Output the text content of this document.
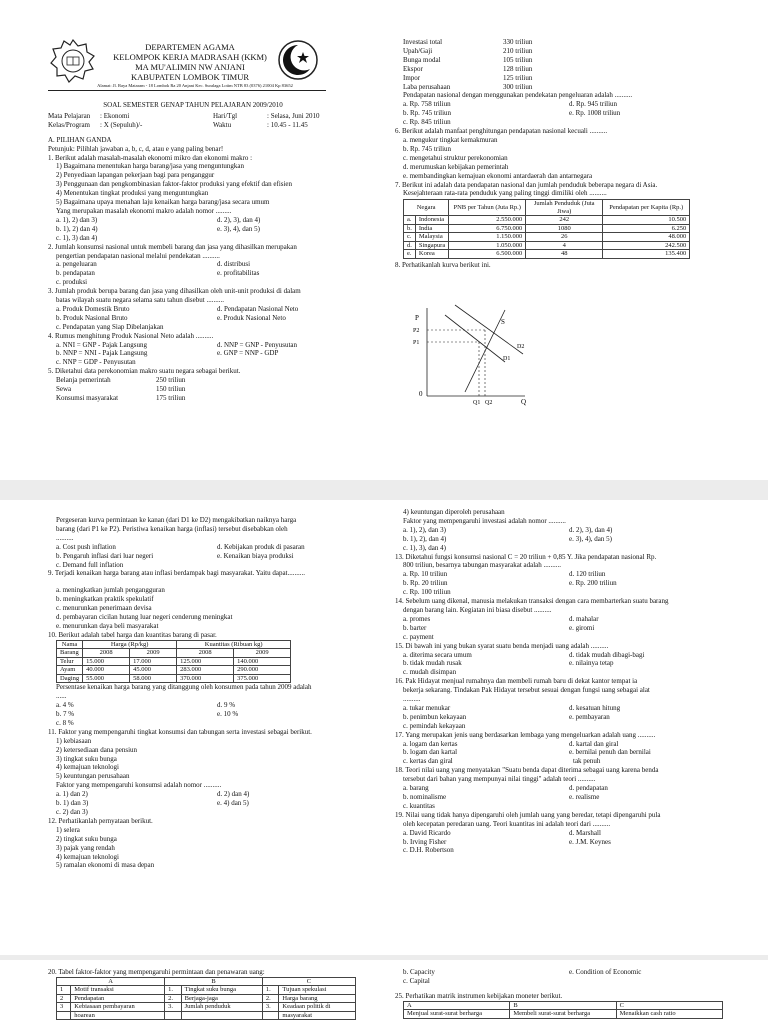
DEPARTEMEN AGAMA
KELOMPOK KERJA MADRASAH (KKM)
MA MU'ALIMIN NW ANJANI
KABUPATEN LOMBOK TIMUR
Alamat: Jl. Raya Mataram - 18 Lombok Ra 20 Anjani Kec. Suralaga Lotim NTB 83 (0376) 21004 Kp 83652
SOAL SEMESTER GENAP TAHUN PELAJARAN 2009/2010
Mata Pelajaran : Ekonomi	Hari/Tgl	: Selasa, Juni 2010
Kelas/Program : X (Sepuluh)/-	Waktu	: 10.45 - 11.45
A. PILIHAN GANDA
Petunjuk: Pilihlah jawaban a, b, c, d, atau e yang paling benar!
1. Berikut adalah masalah-masalah ekonomi mikro dan ekonomi makro :
1) Bagaimana menentukan harga barang/jasa yang menguntungkan
2) Penyediaan lapangan pekerjaan bagi para penganggur
3) Penggunaan dan pengkombinasian faktor-faktor produksi yang efektif dan efisien
4) Menentukan tingkat produksi yang menguntungkan
5) Bagaimana upaya menahan laju kenaikan harga barang/jasa secara umum
Yang merupakan masalah ekonomi makro adalah nomor .........
a. 1), 2) dan 3)	d. 2), 3), dan 4)
b. 1), 2) dan 4)	e. 3), 4), dan 5)
c. 1), 3) dan 4)
2. Jumlah konsumsi nasional untuk membeli barang dan jasa yang dihasilkan merupakan
pengertian pendapatan nasional melalui pendekatan ..........
a. pengeluaran	d. distribusi
b. pendapatan	e. profitabilitas
c. produksi
3. Jumlah produk berupa barang dan jasa yang dihasilkan oleh unit-unit produksi di dalam
batas wilayah suatu negara selama satu tahun disebut ..........
a. Produk Domestik Bruto	d. Pendapatan Nasional Neto
b. Produk Nasional Bruto	e. Produk Nasional Neto
c. Pendapatan yang Siap Dibelanjakan
4. Rumus menghitung Produk Nasional Neto adalah ..........
a. NNI = GNP - Pajak Langsung	d. NNP = GNP - Penyusutan
b. NNP = NNI - Pajak Langsung	e. GNP = NNP - GDP
c. NNP = GDP - Penyusutan
5. Diketahui data perekonomian makro suatu negara sebagai berikut.
Belanja pemerintah	250 triliun
Sewa	150 triliun
Konsumsi masyarakat	175 triliun
Investasi total	330 triliun
Upah/Gaji	210 triliun
Bunga modal	105 triliun
Ekspor	128 triliun
Impor	125 triliun
Laba perusahaan	300 triliun
Pendapatan nasional dengan menggunakan pendekatan pengeluaran adalah ..........
a. Rp. 758 triliun	d. Rp. 945 triliun
b. Rp. 745 triliun	e. Rp. 1008 triliun
c. Rp. 845 triliun
6. Berikut adalah manfaat penghitungan pendapatan nasional kecuali ..........
a. mengukur tingkat kemakmuran
b. Rp. 745 triliun
c. mengetahui struktur perekonomian
d. merumuskan kebijakan pemerintah
e. membandingkan kemajuan ekonomi antardaerah dan antarnegara
7. Berikut ini adalah data pendapatan nasional dan jumlah penduduk beberapa negara di Asia.
Kesejahteraan rata-rata penduduk yang paling tinggi dimiliki oleh ..........
Negara		PNB per Tahun (Juta Rp.)	Jumlah Penduduk (Juta Jiwa)	Pendapatan per Kapita (Rp.)
a.	Indonesia	2.550.000	242	10.500
b.	India	6.750.000	1080	6.250
c.	Malaysia	1.150.000	26	48.000
d.	Singapura	1.050.000	4	242.500
e.	Korea	6.500.000	48	135.400
8. Perhatikanlah kurva berikut ini.
P
P2
P1
S
D1
D2
0
Q1 Q2	Q
Pergeseran kurva permintaan ke kanan (dari D1 ke D2) mengakibatkan naiknya harga
barang (dari P1 ke P2). Peristiwa kenaikan harga (inflasi) tersebut disebabkan oleh
..........
a. Cost push inflation	d. Kebijakan produk di pasaran
b. Pengaruh inflasi dari luar negeri	e. Kenaikan biaya produksi
c. Demand full inflation
9. Terjadi kenaikan harga barang atau inflasi berdampak bagi masyarakat. Yaitu dapat..........
a. meningkatkan jumlah pengangguran
b. meningkatkan praktik spekulatif
c. menurunkan penerimaan devisa
d. pembayaran cicilan hutang luar negeri cenderung meningkat
e. menurunkan daya beli masyarakat
10. Berikut adalah tabel harga dan kuantitas barang di pasar.
Nama	Harga (Rp/kg)		Kuantitas (Ribuan kg)	
Barang	2008	2009	2008	2009
Telur	15.000	17.000	125.000	140.000
Ayam	40.000	45.000	283.000	290.000
Daging	55.000	58.000	370.000	375.000
Persentase kenaikan harga barang yang ditanggung oleh konsumen pada tahun 2009 adalah
......
a. 4 %	d. 9 %
b. 7 %	e. 10 %
c. 8 %
11. Faktor yang mempengaruhi tingkat konsumsi dan tabungan serta investasi sebagai berikut.
1) kebiasaan
2) ketersediaan dana pensiun
3) tingkat suku bunga
4) kemajuan teknologi
5) keuntungan perusahaan
Faktor yang mempengaruhi konsumsi adalah nomor ..........
a. 1) dan 2)	d. 2) dan 4)
b. 1) dan 3)	e. 4) dan 5)
c. 2) dan 3)
12. Perhatikanlah pernyataan berikut.
1) selera
2) tingkat suku bunga
3) pajak yang rendah
4) kemajuan teknologi
5) ramalan ekonomi di masa depan
4) keuntungan diperoleh perusahaan
Faktor yang mempengaruhi investasi adalah nomor ..........
a. 1), 2), dan 3)	d. 2), 3), dan 4)
b. 1), 2), dan 4)	e. 3), 4), dan 5)
c. 1), 3), dan 4)
13. Diketahui fungsi konsumsi nasional C = 20 triliun + 0,85 Y. Jika pendapatan nasional Rp.
800 triliun, besarnya tabungan masyarakat adalah ..........
a. Rp. 10 triliun	d. 120 triliun
b. Rp. 20 triliun	e. Rp. 200 triliun
c. Rp. 100 triliun
14. Sebelum uang dikenal, manusia melakukan transaksi dengan cara membarterkan suatu barang
dengan barang lain. Kegiatan ini biasa disebut ..........
a. promes	d. mahalar
b. barter	e. giromi
c. payment
15. Di bawah ini yang bukan syarat suatu benda menjadi uang adalah ..........
a. diterima secara umum	d. tidak mudah dibagi-bagi
b. tidak mudah rusak	e. nilainya tetap
c. mudah disimpan
16. Pak Hidayat menjual rumahnya dan membeli rumah baru di dekat kantor tempat ia
bekerja sekarang. Tindakan Pak Hidayat tersebut sesuai dengan fungsi uang sebagai alat
..........
a. tukar menukar	d. kesatuan hitung
b. penimbun kekayaan	e. pembayaran
c. pemindah kekayaan
17. Yang merupakan jenis uang berdasarkan lembaga yang mengeluarkan adalah uang ..........
a. logam dan kertas	d. kartal dan giral
b. logam dan kartal	e. bernilai penuh dan bernilai
c. kertas dan giral	tak penuh
18. Teori nilai uang yang menyatakan "Suatu benda dapat diterima sebagai uang karena benda
tersebut dari bahan yang mempunyai nilai tinggi" adalah teori ..........
a. barang	d. pendapatan
b. nominalisme	e. realisme
c. kuantitas
19. Nilai uang tidak hanya dipengaruhi oleh jumlah uang yang beredar, tetapi dipengaruhi pula
oleh kecepatan peredaran uang. Teori kuantitas ini adalah teori dari ..........
a. David Ricardo	d. Marshall
b. Irving Fisher	e. J.M. Keynes
c. D.H. Robertson
20. Tabel faktor-faktor yang mempengaruhi permintaan dan penawaran uang:
A		B		C	
1	Motif transaksi	1.	Tingkat suku bunga	1.	Tujuan spekulasi
2	Pendapatan	2.	Berjaga-jaga	2.	Harga barang
3	Kebiasaan pembayaran	3.	Jumlah penduduk	3.	Keadaan politik di
	hoarean				masyarakat
b. Capacity	e. Condition of Economic
c. Capital
25. Perhatikan matrik instrumen kebijakan moneter berikut.
A	B	C
Menjual surat-surat berharga	Membeli surat-surat berharga	Menaikkan cash ratio
